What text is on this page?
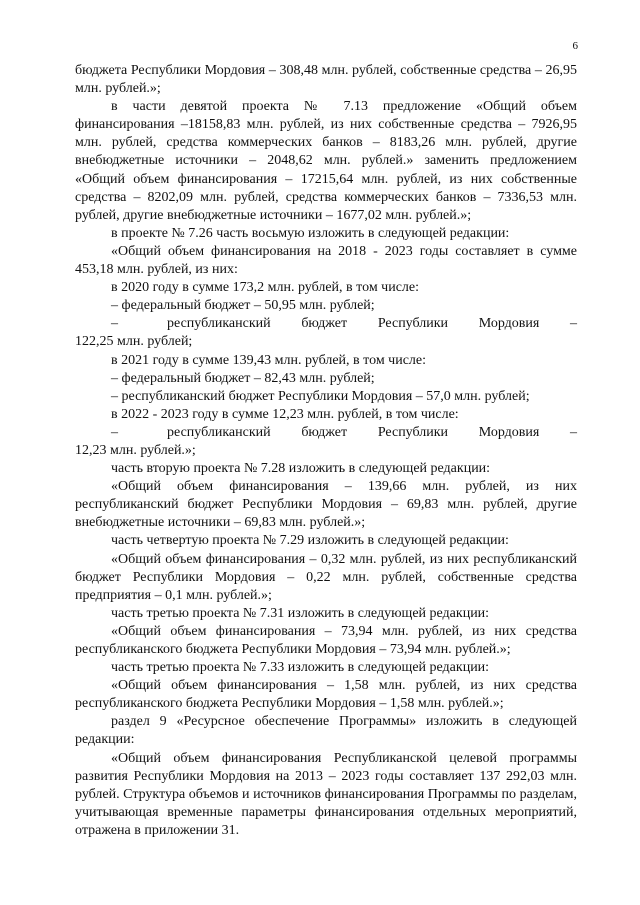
6

бюджета Республики Мордовия – 308,48 млн. рублей, собственные средства – 26,95 млн. рублей.»;

в части девятой проекта № 7.13 предложение «Общий объем финансирования –18158,83 млн. рублей, из них собственные средства – 7926,95 млн. рублей, средства коммерческих банков – 8183,26 млн. рублей, другие внебюджетные источники – 2048,62 млн. рублей.» заменить предложением «Общий объем финансирования – 17215,64 млн. рублей, из них собственные средства – 8202,09 млн. рублей, средства коммерческих банков – 7336,53 млн. рублей, другие внебюджетные источники – 1677,02 млн. рублей.»;

в проекте № 7.26 часть восьмую изложить в следующей редакции:

«Общий объем финансирования на 2018 - 2023 годы составляет в сумме 453,18 млн. рублей, из них:

в 2020 году в сумме 173,2 млн. рублей, в том числе:

– федеральный бюджет – 50,95 млн. рублей;

–	республиканский бюджет Республики Мордовия –

122,25 млн. рублей;

в 2021 году в сумме 139,43 млн. рублей, в том числе:

– федеральный бюджет – 82,43 млн. рублей;

– республиканский бюджет Республики Мордовия – 57,0 млн. рублей;

в 2022 - 2023 году в сумме 12,23 млн. рублей, в том числе:

–	республиканский бюджет Республики Мордовия –

12,23 млн. рублей.»;

часть вторую проекта № 7.28 изложить в следующей редакции:

«Общий объем финансирования – 139,66 млн. рублей, из них республиканский бюджет Республики Мордовия – 69,83 млн. рублей, другие внебюджетные источники – 69,83 млн. рублей.»;

часть четвертую проекта № 7.29 изложить в следующей редакции:

«Общий объем финансирования – 0,32 млн. рублей, из них республиканский бюджет Республики Мордовия – 0,22 млн. рублей, собственные средства предприятия – 0,1 млн. рублей.»;

часть третью проекта № 7.31 изложить в следующей редакции:

«Общий объем финансирования – 73,94 млн. рублей, из них средства республиканского бюджета Республики Мордовия – 73,94 млн. рублей.»;

часть третью проекта № 7.33 изложить в следующей редакции:

«Общий объем финансирования – 1,58 млн. рублей, из них средства республиканского бюджета Республики Мордовия – 1,58 млн. рублей.»;

раздел 9 «Ресурсное обеспечение Программы» изложить в следующей редакции:

«Общий объем финансирования Республиканской целевой программы развития Республики Мордовия на 2013 – 2023 годы составляет 137 292,03 млн. рублей. Структура объемов и источников финансирования Программы по разделам, учитывающая временные параметры финансирования отдельных мероприятий, отражена в приложении 31.
